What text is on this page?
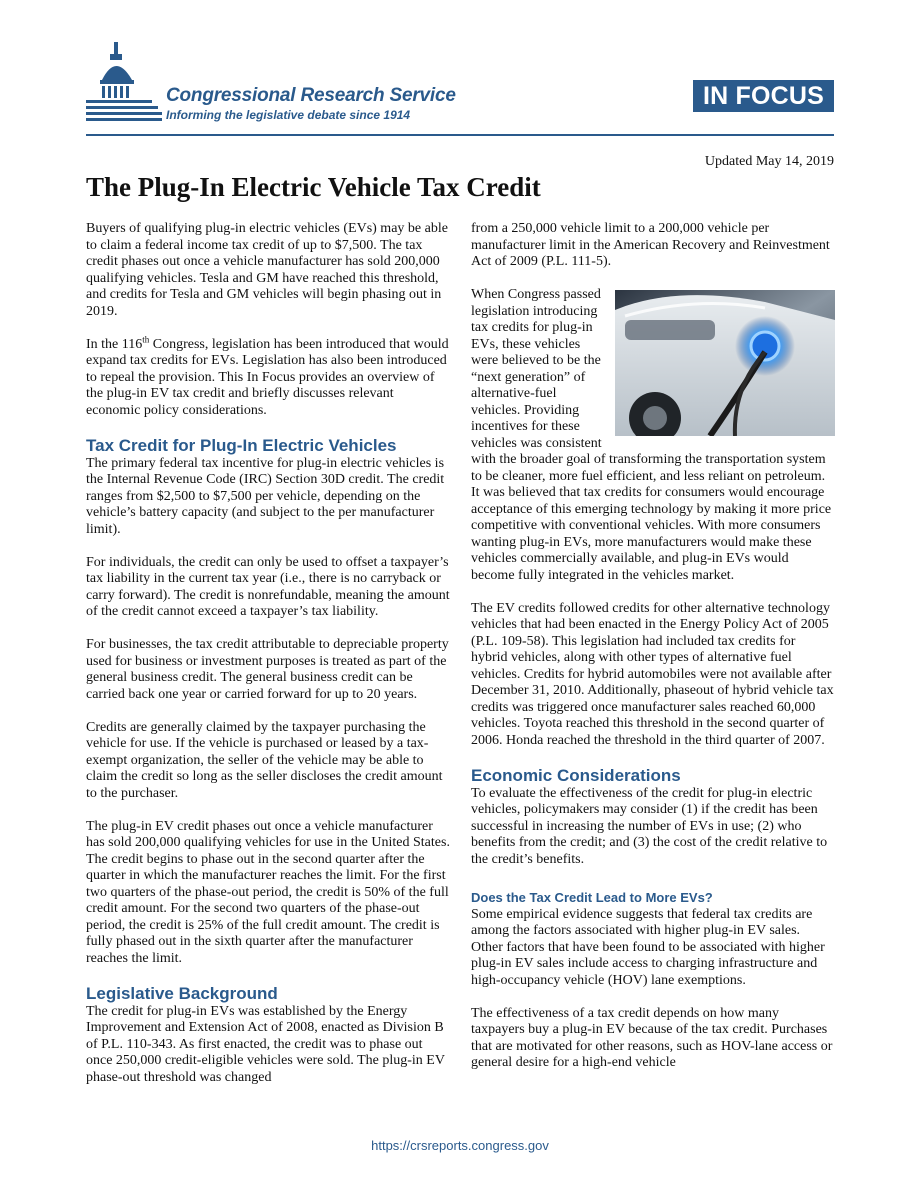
Congressional Research Service
Informing the legislative debate since 1914
IN FOCUS
Updated May 14, 2019
The Plug-In Electric Vehicle Tax Credit

Buyers of qualifying plug-in electric vehicles (EVs) may be able to claim a federal income tax credit of up to $7,500. The tax credit phases out once a vehicle manufacturer has sold 200,000 qualifying vehicles. Tesla and GM have reached this threshold, and credits for Tesla and GM vehicles will begin phasing out in 2019.

In the 116th Congress, legislation has been introduced that would expand tax credits for EVs. Legislation has also been introduced to repeal the provision. This In Focus provides an overview of the plug-in EV tax credit and briefly discusses relevant economic policy considerations.

Tax Credit for Plug-In Electric Vehicles

The primary federal tax incentive for plug-in electric vehicles is the Internal Revenue Code (IRC) Section 30D credit. The credit ranges from $2,500 to $7,500 per vehicle, depending on the vehicle’s battery capacity (and subject to the per manufacturer limit).

For individuals, the credit can only be used to offset a taxpayer’s tax liability in the current tax year (i.e., there is no carryback or carry forward). The credit is nonrefundable, meaning the amount of the credit cannot exceed a taxpayer’s tax liability.

For businesses, the tax credit attributable to depreciable property used for business or investment purposes is treated as part of the general business credit. The general business credit can be carried back one year or carried forward for up to 20 years.

Credits are generally claimed by the taxpayer purchasing the vehicle for use. If the vehicle is purchased or leased by a tax-exempt organization, the seller of the vehicle may be able to claim the credit so long as the seller discloses the credit amount to the purchaser.

The plug-in EV credit phases out once a vehicle manufacturer has sold 200,000 qualifying vehicles for use in the United States. The credit begins to phase out in the second quarter after the quarter in which the manufacturer reaches the limit. For the first two quarters of the phase-out period, the credit is 50% of the full credit amount. For the second two quarters of the phase-out period, the credit is 25% of the full credit amount. The credit is fully phased out in the sixth quarter after the manufacturer reaches the limit.

Legislative Background

The credit for plug-in EVs was established by the Energy Improvement and Extension Act of 2008, enacted as Division B of P.L. 110-343. As first enacted, the credit was to phase out once 250,000 credit-eligible vehicles were sold. The plug-in EV phase-out threshold was changed

from a 250,000 vehicle limit to a 200,000 vehicle per manufacturer limit in the American Recovery and Reinvestment Act of 2009 (P.L. 111-5).

When Congress passed legislation introducing tax credits for plug-in EVs, these vehicles were believed to be the “next generation” of alternative-fuel vehicles. Providing incentives for these vehicles was consistent with the broader goal of transforming the transportation system to be cleaner, more fuel efficient, and less reliant on petroleum. It was believed that tax credits for consumers would encourage acceptance of this emerging technology by making it more price competitive with conventional vehicles. With more consumers wanting plug-in EVs, more manufacturers would make these vehicles commercially available, and plug-in EVs would become fully integrated in the vehicles market.

The EV credits followed credits for other alternative technology vehicles that had been enacted in the Energy Policy Act of 2005 (P.L. 109-58). This legislation had included tax credits for hybrid vehicles, along with other types of alternative fuel vehicles. Credits for hybrid automobiles were not available after December 31, 2010. Additionally, phaseout of hybrid vehicle tax credits was triggered once manufacturer sales reached 60,000 vehicles. Toyota reached this threshold in the second quarter of 2006. Honda reached the threshold in the third quarter of 2007.

Economic Considerations

To evaluate the effectiveness of the credit for plug-in electric vehicles, policymakers may consider (1) if the credit has been successful in increasing the number of EVs in use; (2) who benefits from the credit; and (3) the cost of the credit relative to the credit’s benefits.

Does the Tax Credit Lead to More EVs?

Some empirical evidence suggests that federal tax credits are among the factors associated with higher plug-in EV sales. Other factors that have been found to be associated with higher plug-in EV sales include access to charging infrastructure and high-occupancy vehicle (HOV) lane exemptions.

The effectiveness of a tax credit depends on how many taxpayers buy a plug-in EV because of the tax credit. Purchases that are motivated for other reasons, such as HOV-lane access or general desire for a high-end vehicle

https://crsreports.congress.gov
